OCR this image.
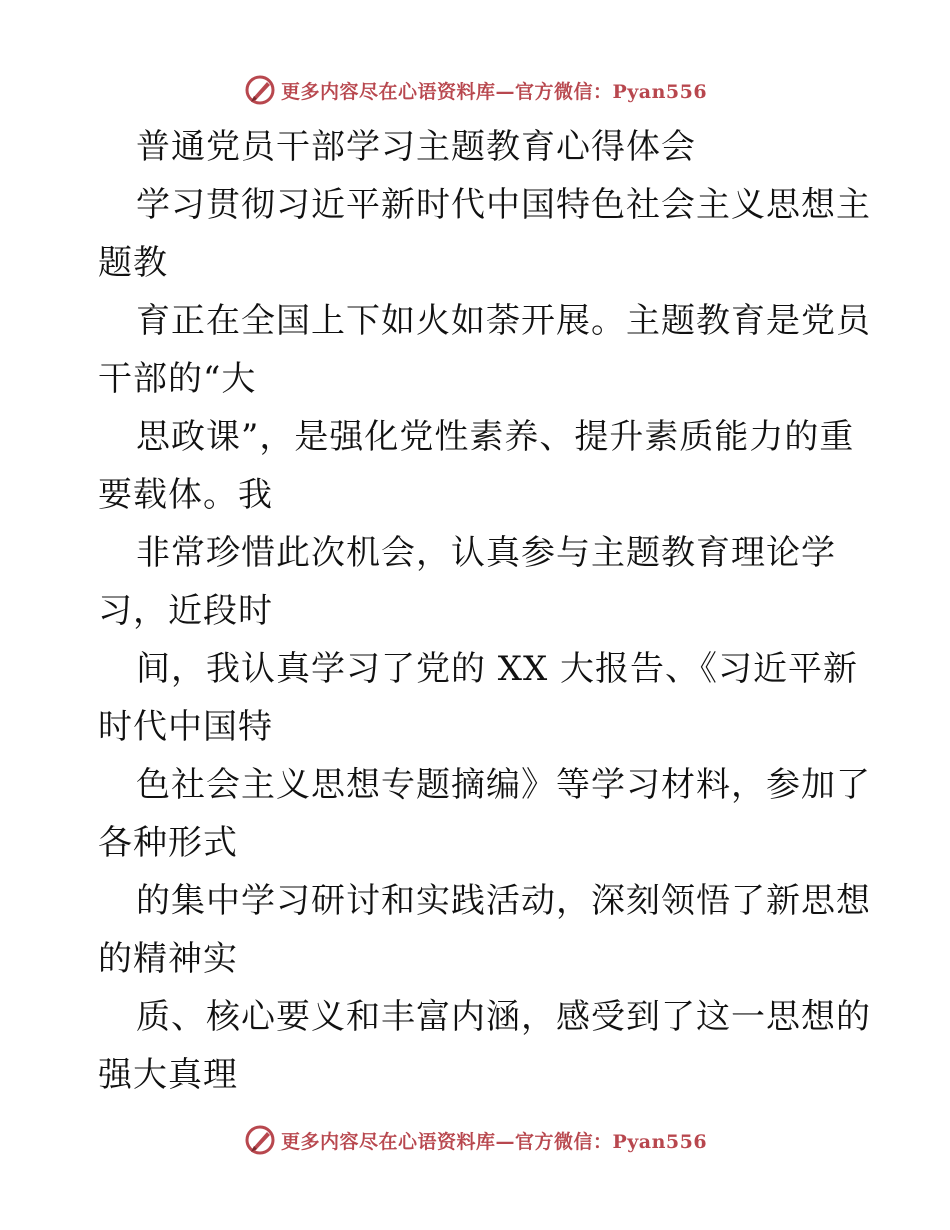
更多内容尽在心语资料库—官方微信：Pyan556
普通党员干部学习主题教育心得体会
学习贯彻习近平新时代中国特色社会主义思想主
题教
育正在全国上下如火如荼开展。主题教育是党员
干部的“大
思政课”，是强化党性素养、提升素质能力的重
要载体。我
非常珍惜此次机会，认真参与主题教育理论学
习，近段时
间，我认真学习了党的 XX 大报告、《习近平新
时代中国特
色社会主义思想专题摘编》等学习材料，参加了
各种形式
的集中学习研讨和实践活动，深刻领悟了新思想
的精神实
质、核心要义和丰富内涵，感受到了这一思想的
强大真理
更多内容尽在心语资料库—官方微信：Pyan556
